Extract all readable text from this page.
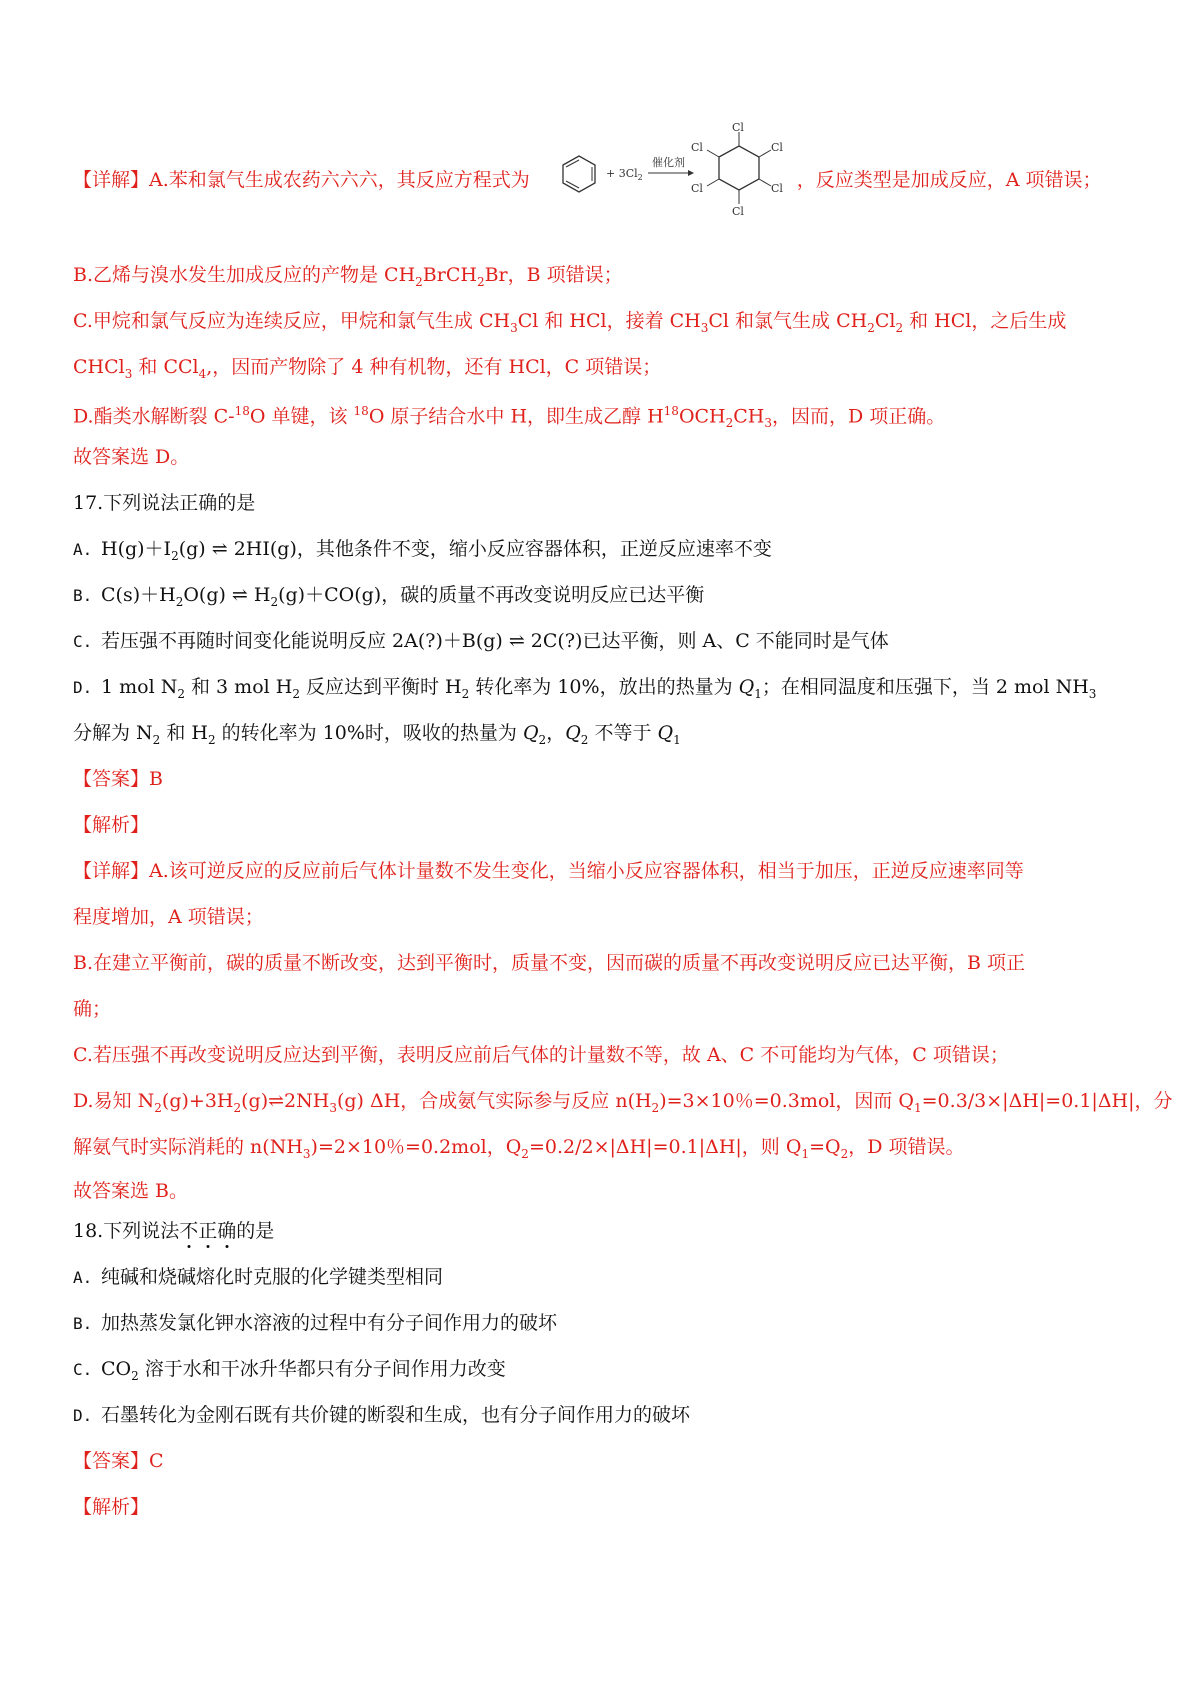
【详解】A.苯和氯气生成农药六六六，其反应方程式为	+ $3Cl_2$
催化剂
Cl
Cl
Cl
Cl
Cl
Cl
，反应类型是加成反应，A 项错误；
B.乙烯与溴水发生加成反应的产物是 $CH_2BrCH_2Br$，B 项错误；
C.甲烷和氯气反应为连续反应，甲烷和氯气生成 $CH_3Cl$ 和 HCl，接着 $CH_3Cl$ 和氯气生成 $CH_2Cl_2$ 和 HCl，之后生成
CHCl$_3$ 和 CCl$_4$,，因而产物除了 4 种有机物，还有 HCl，C 项错误；
D.酯类水解断裂 C-$^{18}$O 单键，该 $^{18}$O 原子结合水中 H，即生成乙醇 $H^{18}OCH_2CH_3$，因而，D 项正确。
故答案选 D。
17.下列说法正确的是
A. $H(g)+I_2(g)$ ⇌ 2HI(g)，其他条件不变，缩小反应容器体积，正逆反应速率不变
B. $C(s)+H_2O(g)$ ⇌ $H_2(g)+CO(g)$，碳的质量不再改变说明反应已达平衡
C. 若压强不再随时间变化能说明反应 2A(?)＋B(g) ⇌ 2C(?)已达平衡，则 A、C 不能同时是气体
D. 1 mol $N_2$ 和 3 mol $H_2$ 反应达到平衡时 $H_2$ 转化率为 10%，放出的热量为 $Q_1$；在相同温度和压强下，当 2 mol $NH_3$
分解为 $N_2$ 和 $H_2$ 的转化率为 10%时，吸收的热量为 $Q_2$，$Q_2$ 不等于 $Q_1$
【答案】B
【解析】
【详解】A.该可逆反应的反应前后气体计量数不发生变化，当缩小反应容器体积，相当于加压，正逆反应速率同等
程度增加，A 项错误；
B.在建立平衡前，碳的质量不断改变，达到平衡时，质量不变，因而碳的质量不再改变说明反应已达平衡，B 项正
确；
C.若压强不再改变说明反应达到平衡，表明反应前后气体的计量数不等，故 A、C 不可能均为气体，C 项错误；
D.易知 $N_2(g)+3H_2(g)\rightleftharpoons 2NH_3(g)$ ΔH，合成氨气实际参与反应 $n(H_2)=3\times 10$％=0.3mol，因而 $Q_1=0.3/3\times|\Delta H|=0.1|\Delta H|$，分
解氨气时实际消耗的 $n(NH_3)=2\times 10$％=0.2mol，$Q_2=0.2/2\times|\Delta H|=0.1|\Delta H|$，则 $Q_1=Q_2$，D 项错误。
故答案选 B。
18.下列说法不正确的是
A. 纯碱和烧碱熔化时克服的化学键类型相同
B. 加热蒸发氯化钾水溶液的过程中有分子间作用力的破坏
C. $CO_2$ 溶于水和干冰升华都只有分子间作用力改变
D. 石墨转化为金刚石既有共价键的断裂和生成，也有分子间作用力的破坏
【答案】C
【解析】
